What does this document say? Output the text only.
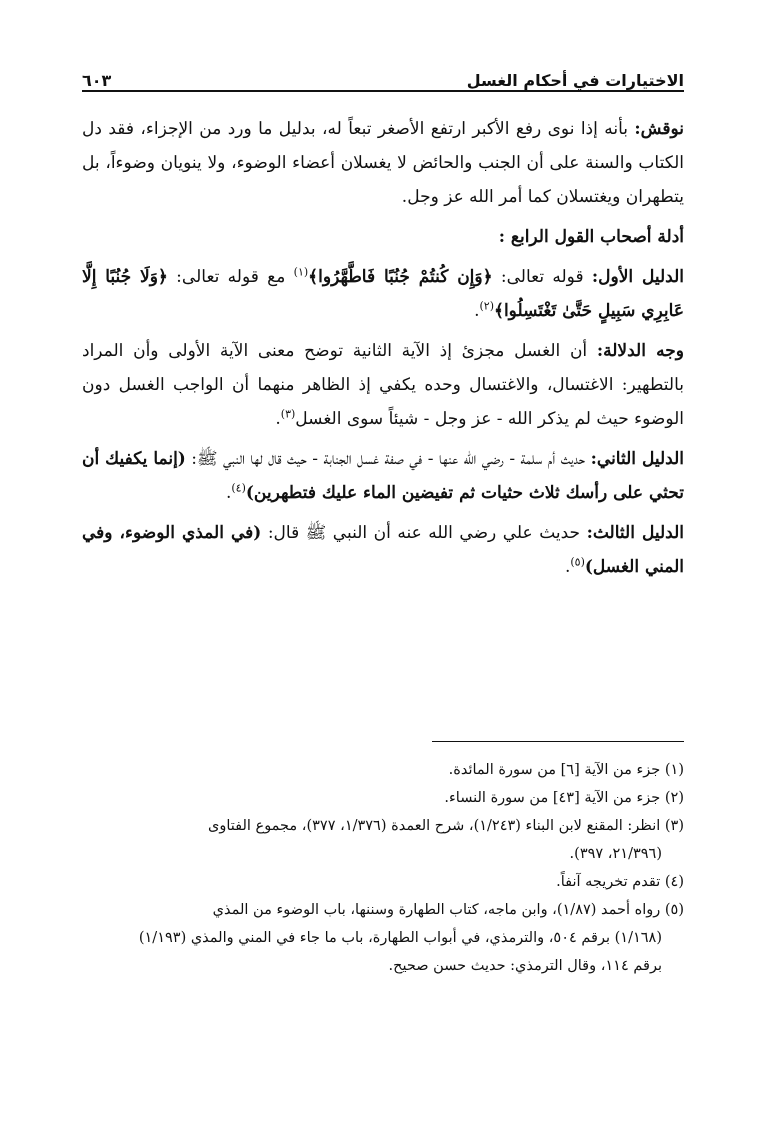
الاختيارات في أحكام الغسل
٦٠٣

نوقش: بأنه إذا نوى رفع الأكبر ارتفع الأصغر تبعاً له، بدليل ما ورد من الإجزاء، فقد دل الكتاب والسنة على أن الجنب والحائض لا يغسلان أعضاء الوضوء، ولا ينويان وضوءاً، بل يتطهران ويغتسلان كما أمر الله عز وجل.

أدلة أصحاب القول الرابع :

الدليل الأول: قوله تعالى: ﴿وَإِن كُنتُمْ جُنُبًا فَاطَّهَّرُوا﴾$^{(١)}$ مع قوله تعالى: ﴿وَلَا جُنُبًا إِلَّا عَابِرِي سَبِيلٍ حَتَّىٰ تَغْتَسِلُوا﴾$^{(٢)}$.

وجه الدلالة: أن الغسل مجزئ إذ الآية الثانية توضح معنى الآية الأولى وأن المراد بالتطهير: الاغتسال، والاغتسال وحده يكفي إذ الظاهر منهما أن الواجب الغسل دون الوضوء حيث لم يذكر الله - عز وجل - شيئاً سوى الغسل$^{(٣)}$.

الدليل الثاني: حديث أم سلمة - رضي الله عنها - في صفة غسل الجنابة - حيث قال لها النبي ﷺ: (إنما يكفيك أن تحثي على رأسك ثلاث حثيات ثم تفيضين الماء عليك فتطهرين)$^{(٤)}$.

الدليل الثالث: حديث علي رضي الله عنه أن النبي ﷺ قال: (في المذي الوضوء، وفي المني الغسل)$^{(٥)}$.

(١) جزء من الآية [٦] من سورة المائدة.
(٢) جزء من الآية [٤٣] من سورة النساء.
(٣) انظر: المقنع لابن البناء (١/٢٤٣)، شرح العمدة (١/٣٧٦، ٣٧٧)، مجموع الفتاوى
(٢١/٣٩٦، ٣٩٧).
(٤) تقدم تخريجه آنفاً.
(٥) رواه أحمد (١/٨٧)، وابن ماجه، كتاب الطهارة وسننها، باب الوضوء من المذي
(١/١٦٨) برقم ٥٠٤، والترمذي، في أبواب الطهارة، باب ما جاء في المني والمذي (١/١٩٣)
برقم ١١٤، وقال الترمذي: حديث حسن صحيح.
